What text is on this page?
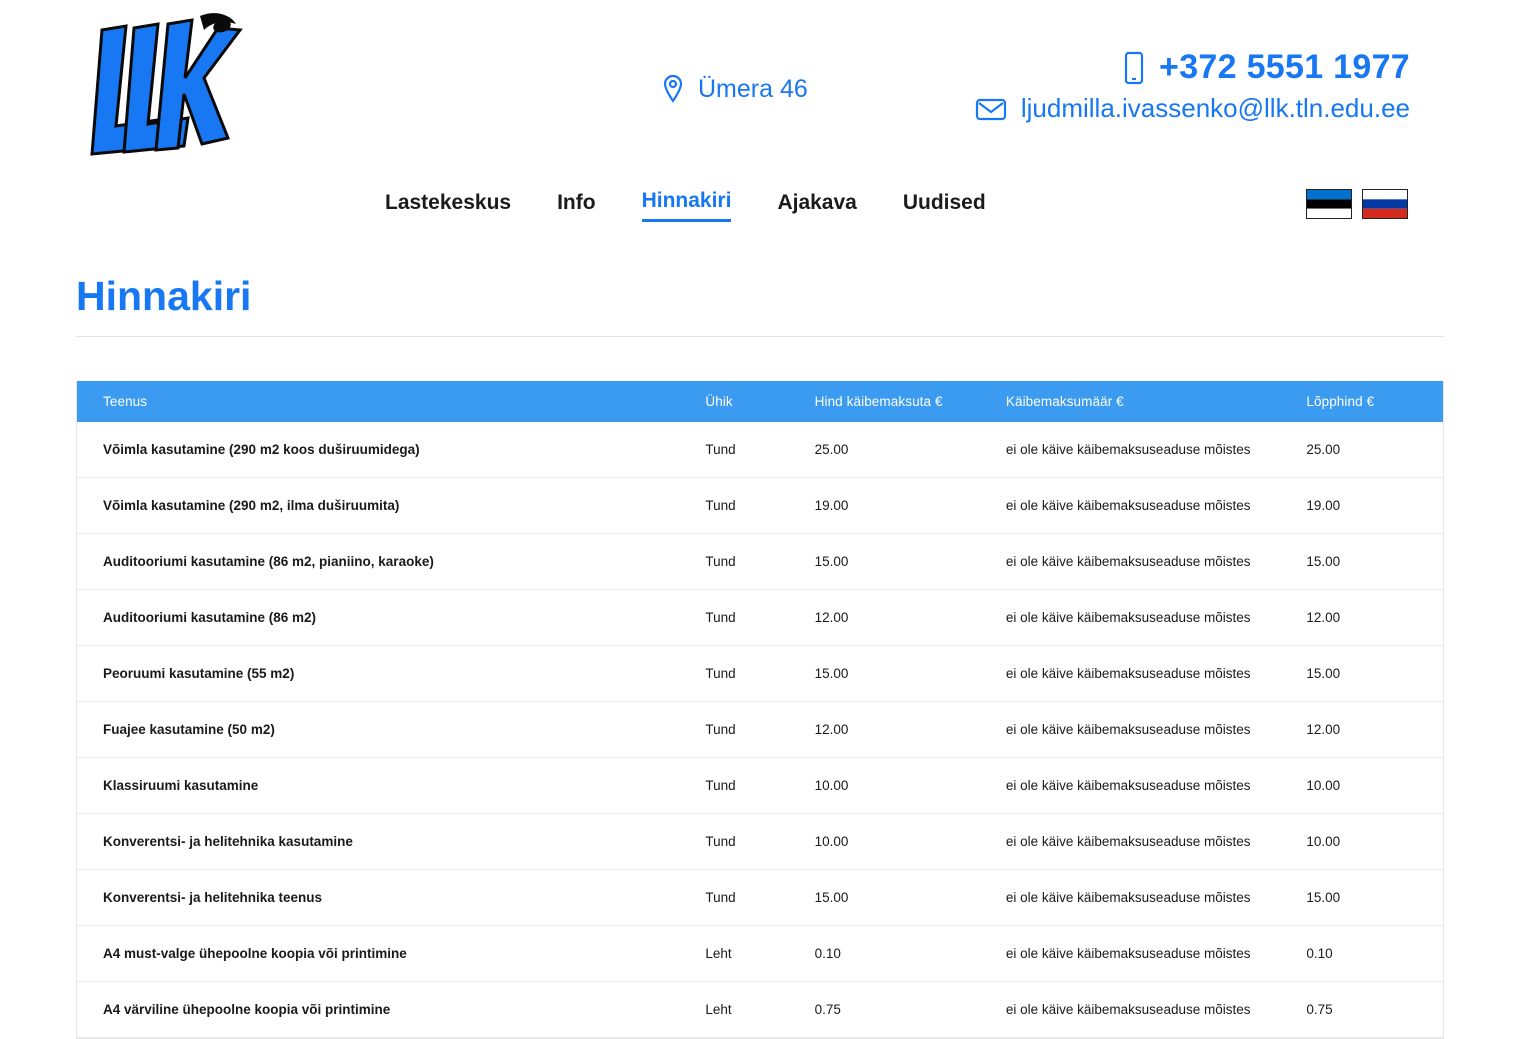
Ümera 46
+372 5551 1977
ljudmilla.ivassenko@llk.tln.edu.ee
Lastekeskus Info Hinnakiri Ajakava Uudised
Hinnakiri
Teenus	Ühik	Hind käibemaksuta €	Käibemaksumäär €	Lõpphind €
Võimla kasutamine (290 m2 koos duširuumidega)	Tund	25.00	ei ole käive käibemaksuseaduse mõistes	25.00
Võimla kasutamine (290 m2, ilma duširuumita)	Tund	19.00	ei ole käive käibemaksuseaduse mõistes	19.00
Auditooriumi kasutamine (86 m2, pianiino, karaoke)	Tund	15.00	ei ole käive käibemaksuseaduse mõistes	15.00
Auditooriumi kasutamine (86 m2)	Tund	12.00	ei ole käive käibemaksuseaduse mõistes	12.00
Peoruumi kasutamine (55 m2)	Tund	15.00	ei ole käive käibemaksuseaduse mõistes	15.00
Fuajee kasutamine (50 m2)	Tund	12.00	ei ole käive käibemaksuseaduse mõistes	12.00
Klassiruumi kasutamine	Tund	10.00	ei ole käive käibemaksuseaduse mõistes	10.00
Konverentsi- ja helitehnika kasutamine	Tund	10.00	ei ole käive käibemaksuseaduse mõistes	10.00
Konverentsi- ja helitehnika teenus	Tund	15.00	ei ole käive käibemaksuseaduse mõistes	15.00
A4 must-valge ühepoolne koopia või printimine	Leht	0.10	ei ole käive käibemaksuseaduse mõistes	0.10
A4 värviline ühepoolne koopia või printimine	Leht	0.75	ei ole käive käibemaksuseaduse mõistes	0.75
